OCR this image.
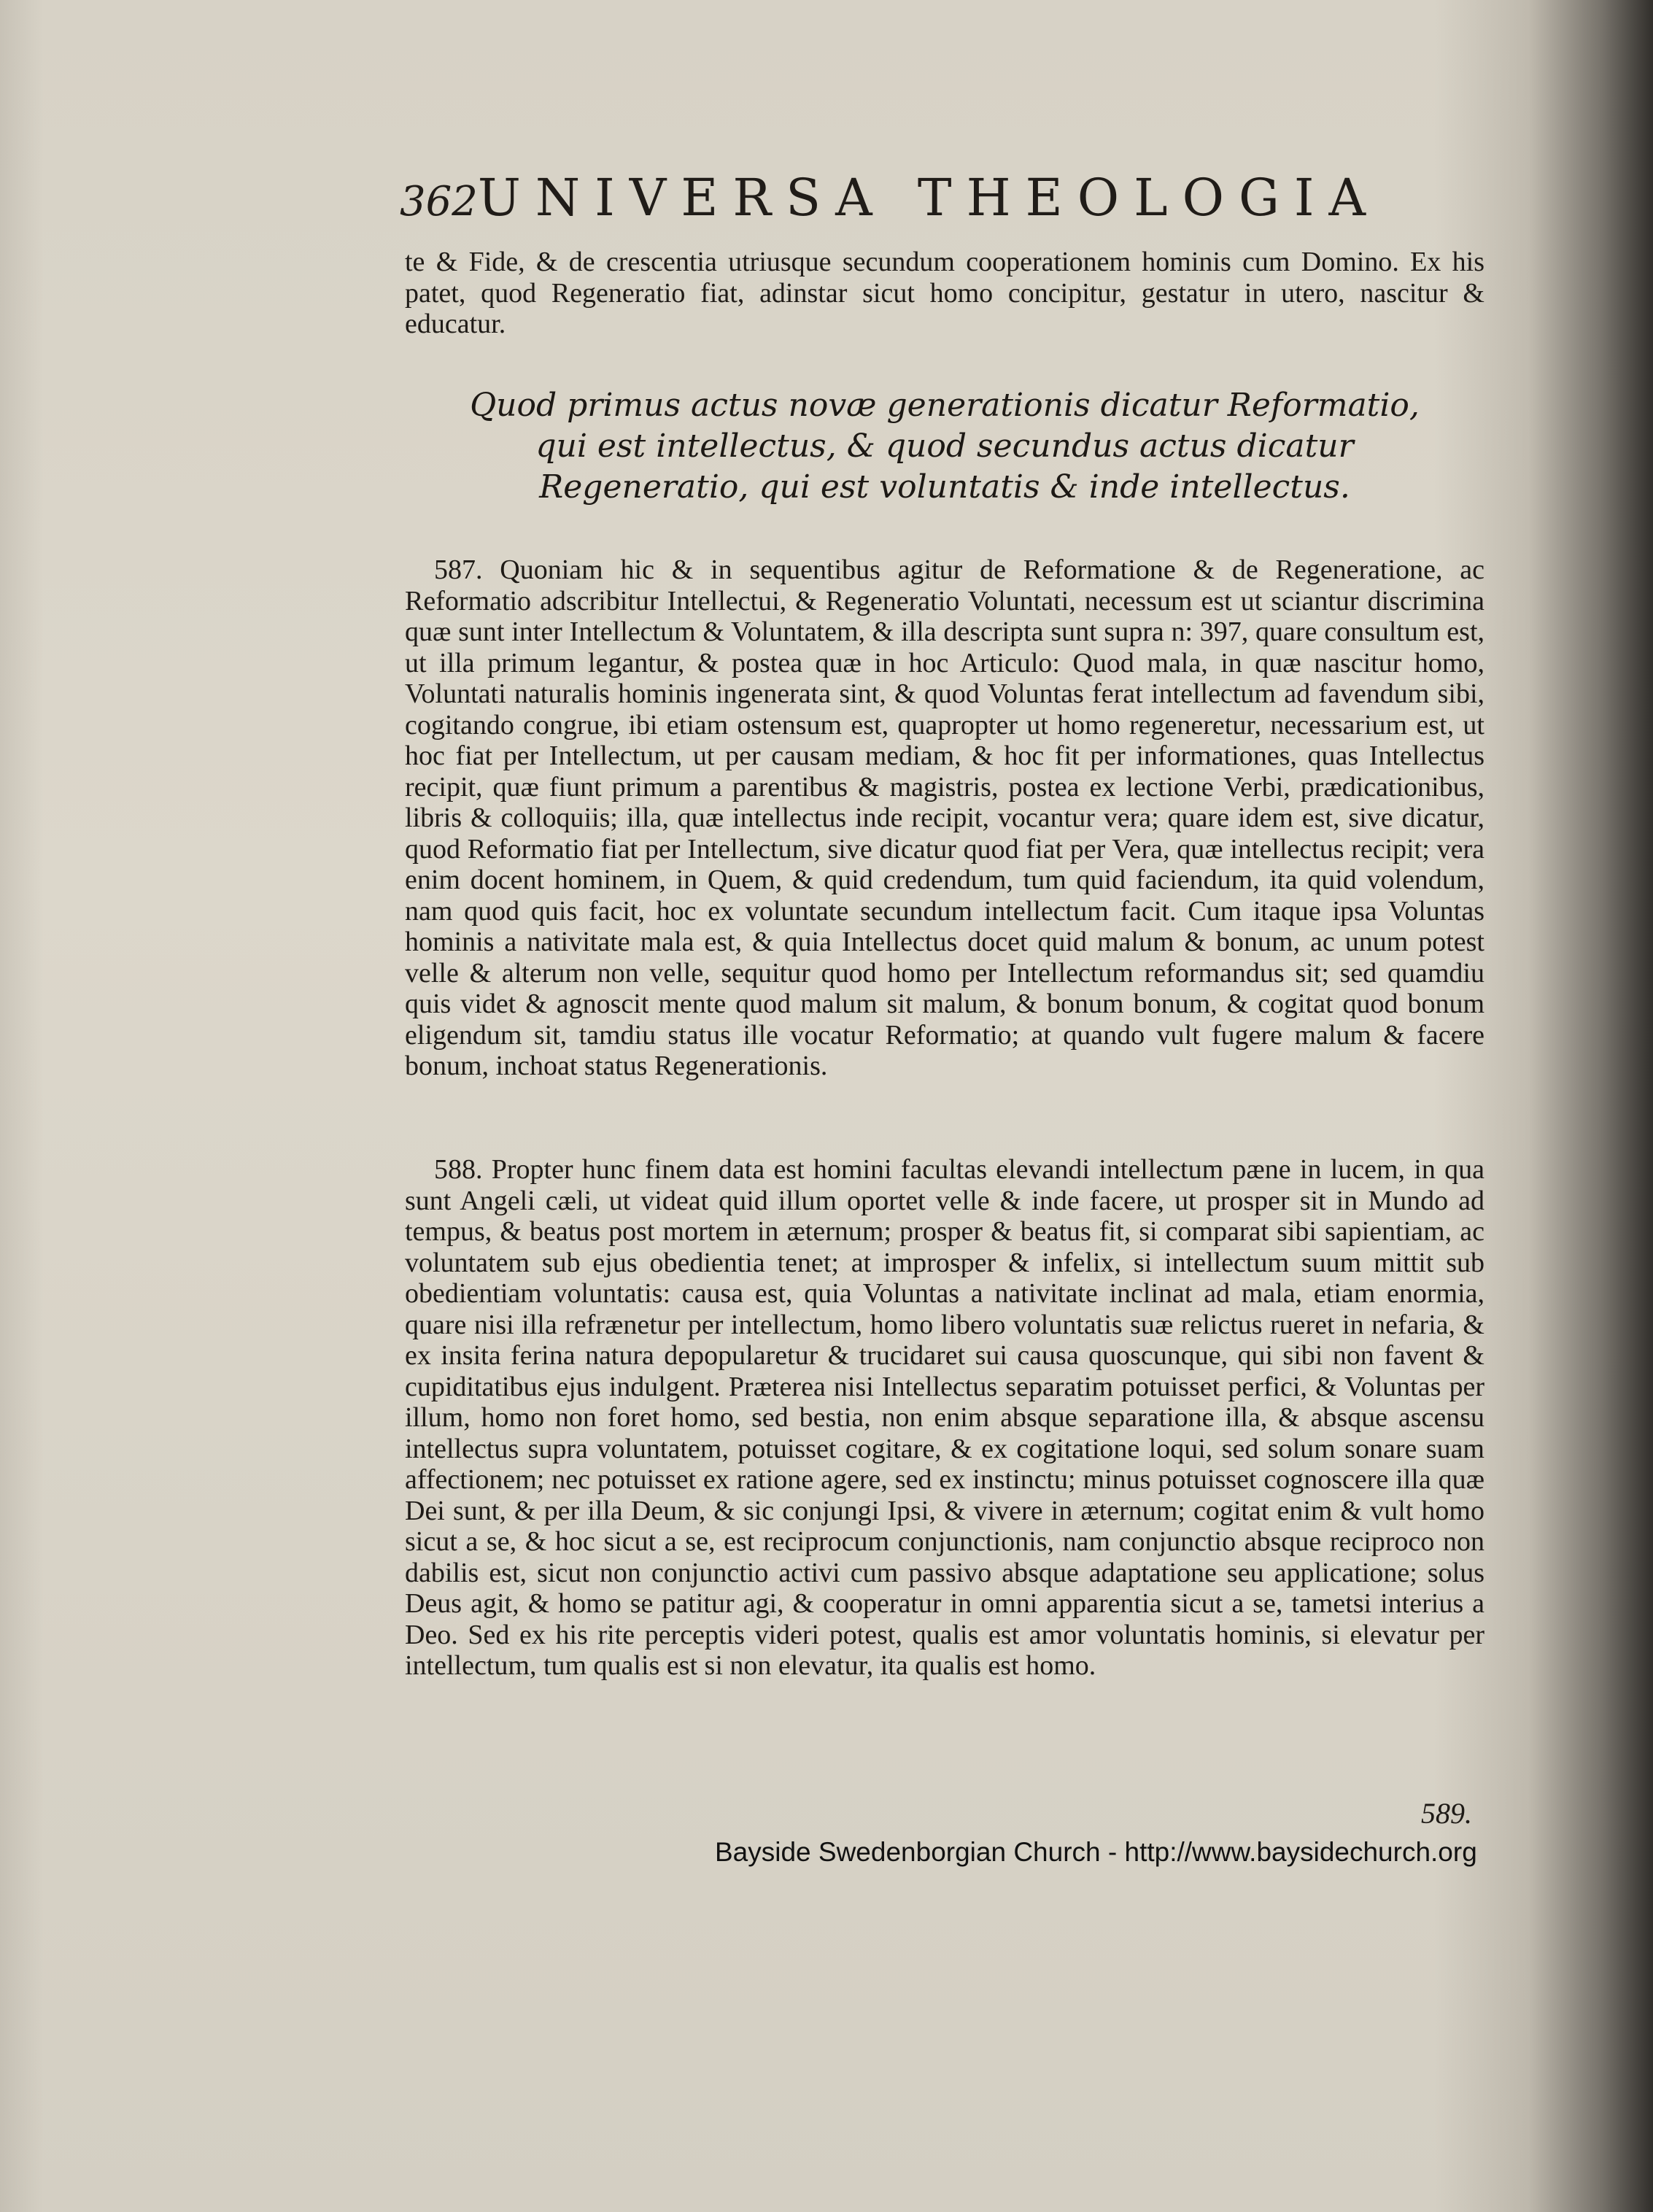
362 UNIVERSA THEOLOGIA
te & Fide, & de crescentia utriusque secundum cooperationem hominis cum Domino. Ex his patet, quod Regeneratio fiat, adinstar sicut homo concipitur, gestatur in utero, nascitur & educatur.
Quod primus actus novæ generationis dicatur Reformatio,
qui est intellectus, & quod secundus actus dicatur
Regeneratio, qui est voluntatis & inde intellectus.

587. Quoniam hic & in sequentibus agitur de Reformatione & de Regeneratione, ac Reformatio adscribitur Intellectui, & Regeneratio Voluntati, necessum est ut sciantur discrimina quæ sunt inter Intellectum & Voluntatem, & illa descripta sunt supra n: 397, quare consultum est, ut illa primum legantur, & postea quæ in hoc Articulo: Quod mala, in quæ nascitur homo, Voluntati naturalis hominis ingenerata sint, & quod Voluntas ferat intellectum ad favendum sibi, cogitando congrue, ibi etiam ostensum est, quapropter ut homo regeneretur, necessarium est, ut hoc fiat per Intellectum, ut per causam mediam, & hoc fit per informationes, quas Intellectus recipit, quæ fiunt primum a parentibus & magistris, postea ex lectione Verbi, prædicationibus, libris & colloquiis; illa, quæ intellectus inde recipit, vocantur vera; quare idem est, sive dicatur, quod Reformatio fiat per Intellectum, sive dicatur quod fiat per Vera, quæ intellectus recipit; vera enim docent hominem, in Quem, & quid credendum, tum quid faciendum, ita quid volendum, nam quod quis facit, hoc ex voluntate secundum intellectum facit. Cum itaque ipsa Voluntas hominis a nativitate mala est, & quia Intellectus docet quid malum & bonum, ac unum potest velle & alterum non velle, sequitur quod homo per Intellectum reformandus sit; sed quamdiu quis videt & agnoscit mente quod malum sit malum, & bonum bonum, & cogitat quod bonum eligendum sit, tamdiu status ille vocatur Reformatio; at quando vult fugere malum & facere bonum, inchoat status Regenerationis.

588. Propter hunc finem data est homini facultas elevandi intellectum pæne in lucem, in qua sunt Angeli cæli, ut videat quid illum oportet velle & inde facere, ut prosper sit in Mundo ad tempus, & beatus post mortem in æternum; prosper & beatus fit, si comparat sibi sapientiam, ac voluntatem sub ejus obedientia tenet; at improsper & infelix, si intellectum suum mittit sub obedientiam voluntatis: causa est, quia Voluntas a nativitate inclinat ad mala, etiam enormia, quare nisi illa refrænetur per intellectum, homo libero voluntatis suæ relictus rueret in nefaria, & ex insita ferina natura depopularetur & trucidaret sui causa quoscunque, qui sibi non favent & cupiditatibus ejus indulgent. Præterea nisi Intellectus separatim potuisset perfici, & Voluntas per illum, homo non foret homo, sed bestia, non enim absque separatione illa, & absque ascensu intellectus supra voluntatem, potuisset cogitare, & ex cogitatione loqui, sed solum sonare suam affectionem; nec potuisset ex ratione agere, sed ex instinctu; minus potuisset cognoscere illa quæ Dei sunt, & per illa Deum, & sic conjungi Ipsi, & vivere in æternum; cogitat enim & vult homo sicut a se, & hoc sicut a se, est reciprocum conjunctionis, nam conjunctio absque reciproco non dabilis est, sicut non conjunctio activi cum passivo absque adaptatione seu applicatione; solus Deus agit, & homo se patitur agi, & cooperatur in omni apparentia sicut a se, tametsi interius a Deo. Sed ex his rite perceptis videri potest, qualis est amor voluntatis hominis, si elevatur per intellectum, tum qualis est si non elevatur, ita qualis est homo.

589.
Bayside Swedenborgian Church - http://www.baysidechurch.org
